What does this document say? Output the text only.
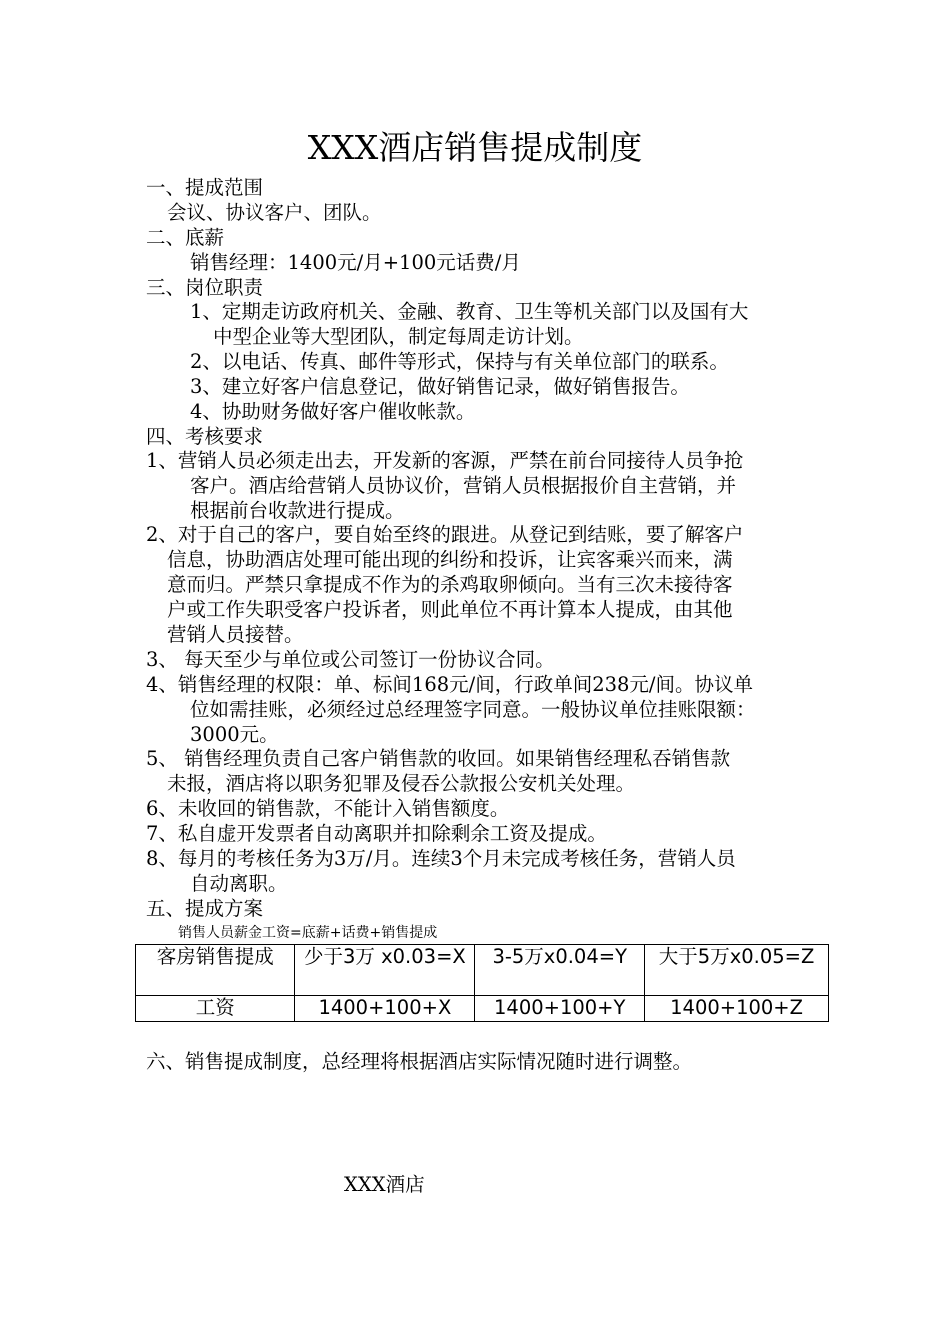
XXX酒店销售提成制度
一、提成范围
会议、协议客户、团队。
二、底薪
销售经理：1400元/月+100元话费/月
三、岗位职责
1、定期走访政府机关、金融、教育、卫生等机关部门以及国有大
中型企业等大型团队，制定每周走访计划。
2、以电话、传真、邮件等形式，保持与有关单位部门的联系。
3、建立好客户信息登记，做好销售记录，做好销售报告。
4、协助财务做好客户催收帐款。
四、考核要求
1、营销人员必须走出去，开发新的客源，严禁在前台同接待人员争抢
客户。酒店给营销人员协议价，营销人员根据报价自主营销，并
根据前台收款进行提成。
2、对于自己的客户，要自始至终的跟进。从登记到结账，要了解客户
信息，协助酒店处理可能出现的纠纷和投诉，让宾客乘兴而来，满
意而归。严禁只拿提成不作为的杀鸡取卵倾向。当有三次未接待客
户或工作失职受客户投诉者，则此单位不再计算本人提成，由其他
营销人员接替。
3、 每天至少与单位或公司签订一份协议合同。
4、销售经理的权限：单、标间168元/间，行政单间238元/间。协议单
位如需挂账，必须经过总经理签字同意。一般协议单位挂账限额：
3000元。
5、 销售经理负责自己客户销售款的收回。如果销售经理私吞销售款
未报，酒店将以职务犯罪及侵吞公款报公安机关处理。
6、未收回的销售款，不能计入销售额度。
7、私自虚开发票者自动离职并扣除剩余工资及提成。
8、每月的考核任务为3万/月。连续3个月未完成考核任务，营销人员
自动离职。
五、提成方案
销售人员薪金工资=底薪+话费+销售提成
客房销售提成	少于3万 x0.03=X	3-5万x0.04=Y	大于5万x0.05=Z
工资	1400+100+X	1400+100+Y	1400+100+Z
六、销售提成制度，总经理将根据酒店实际情况随时进行调整。
XXX酒店
